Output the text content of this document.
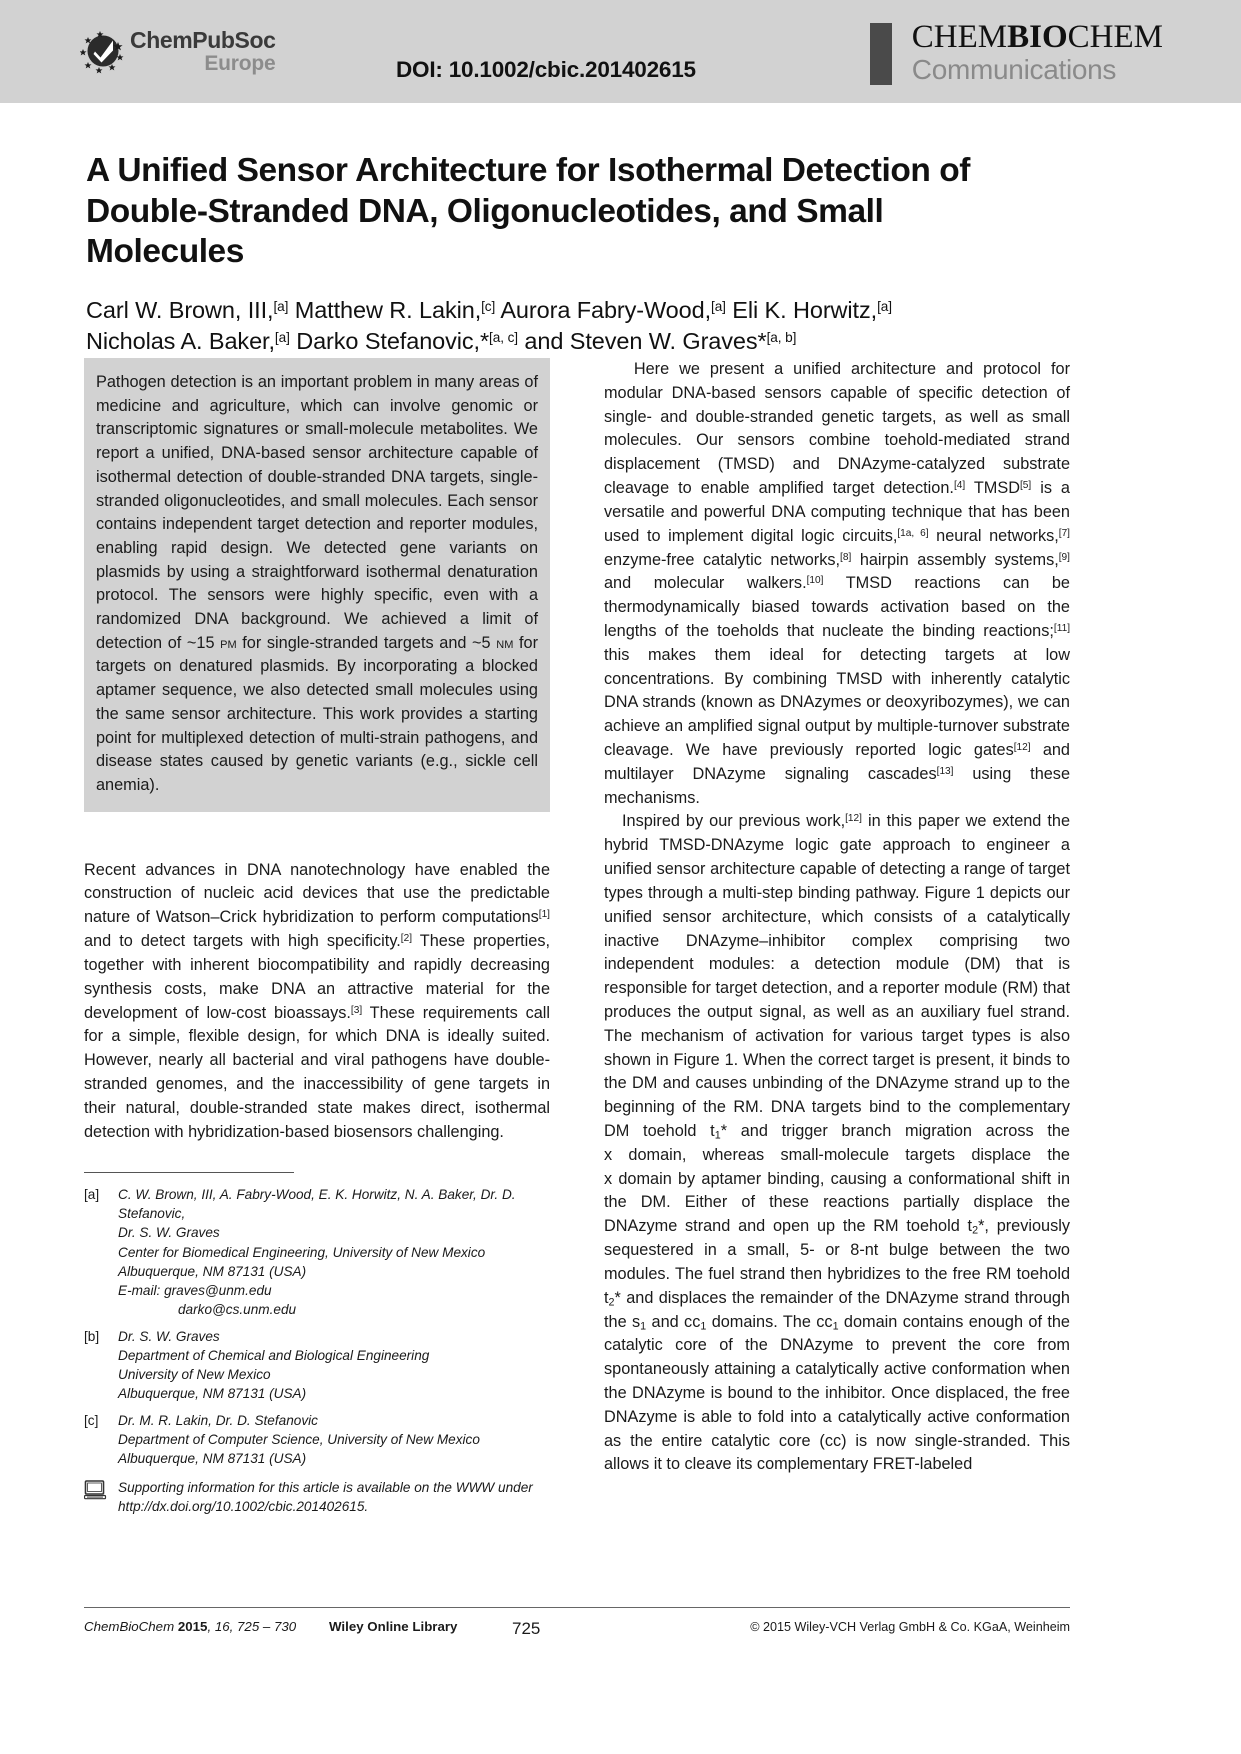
ChemPubSoc
Europe	DOI: 10.1002/cbic.201402615
CHEMBIOCHEM
Communications
A Unified Sensor Architecture for Isothermal Detection of Double-Stranded DNA, Oligonucleotides, and Small Molecules
Carl W. Brown, III,[a] Matthew R. Lakin,[c] Aurora Fabry-Wood,[a] Eli K. Horwitz,[a]
Nicholas A. Baker,[a] Darko Stefanovic,*[a, c] and Steven W. Graves*[a, b]

Pathogen detection is an important problem in many areas of medicine and agriculture, which can involve genomic or transcriptomic signatures or small-molecule metabolites. We report a unified, DNA-based sensor architecture capable of isothermal detection of double-stranded DNA targets, single-stranded oligonucleotides, and small molecules. Each sensor contains independent target detection and reporter modules, enabling rapid design. We detected gene variants on plasmids by using a straightforward isothermal denaturation protocol. The sensors were highly specific, even with a randomized DNA background. We achieved a limit of detection of ~15 pm for single-stranded targets and ~5 nm for targets on denatured plasmids. By incorporating a blocked aptamer sequence, we also detected small molecules using the same sensor architecture. This work provides a starting point for multiplexed detection of multi-strain pathogens, and disease states caused by genetic variants (e.g., sickle cell anemia).

Recent advances in DNA nanotechnology have enabled the construction of nucleic acid devices that use the predictable nature of Watson–Crick hybridization to perform computations[1] and to detect targets with high specificity.[2] These properties, together with inherent biocompatibility and rapidly decreasing synthesis costs, make DNA an attractive material for the development of low-cost bioassays.[3] These requirements call for a simple, flexible design, for which DNA is ideally suited. However, nearly all bacterial and viral pathogens have double-stranded genomes, and the inaccessibility of gene targets in their natural, double-stranded state makes direct, isothermal detection with hybridization-based biosensors challenging.

[a]	C. W. Brown, III, A. Fabry-Wood, E. K. Horwitz, N. A. Baker, Dr. D. Stefanovic,
Dr. S. W. Graves
Center for Biomedical Engineering, University of New Mexico
Albuquerque, NM 87131 (USA)
E-mail: graves@unm.edu
darko@cs.unm.edu
[b]	Dr. S. W. Graves
Department of Chemical and Biological Engineering
University of New Mexico
Albuquerque, NM 87131 (USA)
[c]	Dr. M. R. Lakin, Dr. D. Stefanovic
Department of Computer Science, University of New Mexico
Albuquerque, NM 87131 (USA)
Supporting information for this article is available on the WWW under
http://dx.doi.org/10.1002/cbic.201402615.

Here we present a unified architecture and protocol for modular DNA-based sensors capable of specific detection of single- and double-stranded genetic targets, as well as small molecules. Our sensors combine toehold-mediated strand displacement (TMSD) and DNAzyme-catalyzed substrate cleavage to enable amplified target detection.[4] TMSD[5] is a versatile and powerful DNA computing technique that has been used to implement digital logic circuits,[1a, 6] neural networks,[7] enzyme-free catalytic networks,[8] hairpin assembly systems,[9] and molecular walkers.[10] TMSD reactions can be thermodynamically biased towards activation based on the lengths of the toeholds that nucleate the binding reactions;[11] this makes them ideal for detecting targets at low concentrations. By combining TMSD with inherently catalytic DNA strands (known as DNAzymes or deoxyribozymes), we can achieve an amplified signal output by multiple-turnover substrate cleavage. We have previously reported logic gates[12] and multilayer DNAzyme signaling cascades[13] using these mechanisms.

Inspired by our previous work,[12] in this paper we extend the hybrid TMSD-DNAzyme logic gate approach to engineer a unified sensor architecture capable of detecting a range of target types through a multi-step binding pathway. Figure 1 depicts our unified sensor architecture, which consists of a catalytically inactive DNAzyme–inhibitor complex comprising two independent modules: a detection module (DM) that is responsible for target detection, and a reporter module (RM) that produces the output signal, as well as an auxiliary fuel strand. The mechanism of activation for various target types is also shown in Figure 1. When the correct target is present, it binds to the DM and causes unbinding of the DNAzyme strand up to the beginning of the RM. DNA targets bind to the complementary DM toehold $t_1*$ and trigger branch migration across the x domain, whereas small-molecule targets displace the x domain by aptamer binding, causing a conformational shift in the DM. Either of these reactions partially displace the DNAzyme strand and open up the RM toehold $t_2*$, previously sequestered in a small, 5- or 8-nt bulge between the two modules. The fuel strand then hybridizes to the free RM toehold $t_2*$ and displaces the remainder of the DNAzyme strand through the $s_1$ and $cc_1$ domains. The $cc_1$ domain contains enough of the catalytic core of the DNAzyme to prevent the core from spontaneously attaining a catalytically active conformation when the DNAzyme is bound to the inhibitor. Once displaced, the free DNAzyme is able to fold into a catalytically active conformation as the entire catalytic core (cc) is now single-stranded. This allows it to cleave its complementary FRET-labeled

ChemBioChem 2015, 16, 725 – 730 Wiley Online Library	725	© 2015 Wiley-VCH Verlag GmbH & Co. KGaA, Weinheim
